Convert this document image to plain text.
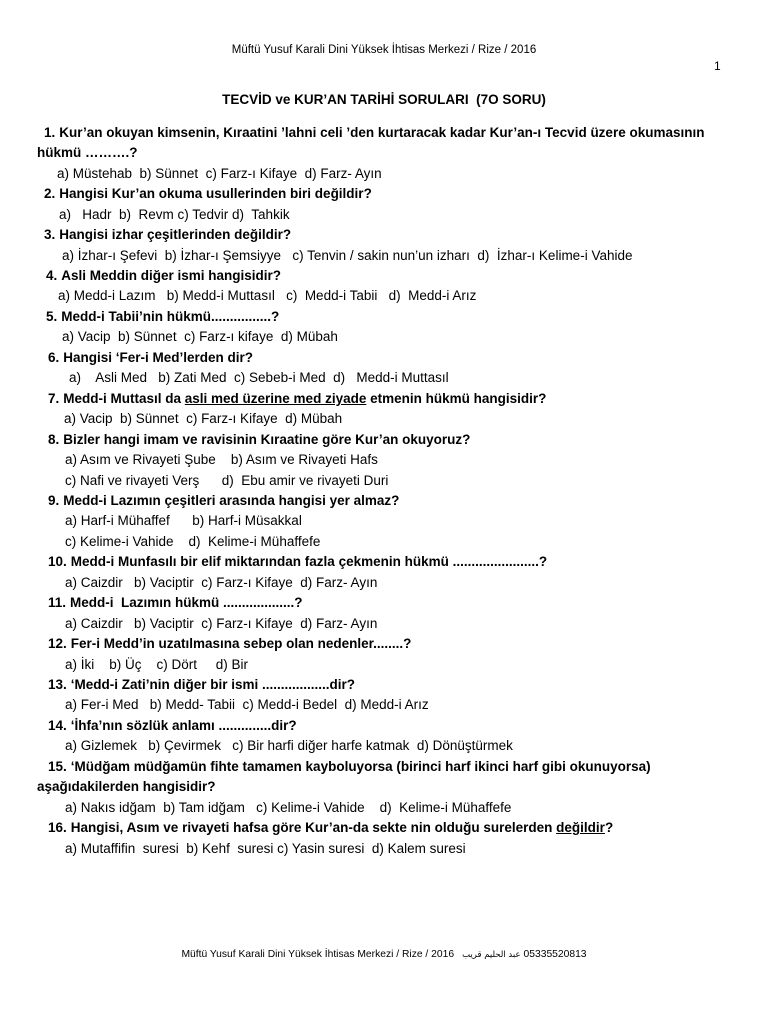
Müftü Yusuf Karali Dini Yüksek İhtisas Merkezi / Rize / 2016
1
TECVİD ve KUR’AN TARİHİ SORULARI  (7O SORU)
1. Kur’an okuyan kimsenin, Kıraatini ’lahni celi ’den kurtaracak kadar Kur’an-ı Tecvid üzere okumasının
hükmü ……….?
a) Müstehab  b) Sünnet  c) Farz-ı Kifaye  d) Farz- Ayın
2. Hangisi Kur’an okuma usullerinden biri değildir?
a)   Hadr  b)  Revm c) Tedvir d)  Tahkik
3. Hangisi izhar çeşitlerinden değildir?
a) İzhar-ı Şefevi  b) İzhar-ı Şemsiyye   c) Tenvin / sakin nun’un izharı  d)  İzhar-ı Kelime-i Vahide
4. Asli Meddin diğer ismi hangisidir?
a) Medd-i Lazım   b) Medd-i Muttasıl   c)  Medd-i Tabii   d)  Medd-i Arız
5. Medd-i Tabii’nin hükmü................?
a) Vacip  b) Sünnet  c) Farz-ı kifaye  d) Mübah
6. Hangisi ‘Fer-i Med’lerden dir?
a)    Asli Med   b) Zati Med  c) Sebeb-i Med  d)   Medd-i Muttasıl
7. Medd-i Muttasıl da asli med üzerine med ziyade etmenin hükmü hangisidir?
a) Vacip  b) Sünnet  c) Farz-ı Kifaye  d) Mübah
8. Bizler hangi imam ve ravisinin Kıraatine göre Kur’an okuyoruz?
a) Asım ve Rivayeti Şube    b) Asım ve Rivayeti Hafs
c) Nafi ve rivayeti Verş      d)  Ebu amir ve rivayeti Duri
9. Medd-i Lazımın çeşitleri arasında hangisi yer almaz?
a) Harf-i Mühaffef      b) Harf-i Müsakkal
c) Kelime-i Vahide    d)  Kelime-i Mühaffefe
10. Medd-i Munfasılı bir elif miktarından fazla çekmenin hükmü .......................?
a) Caizdir   b) Vaciptir  c) Farz-ı Kifaye  d) Farz- Ayın
11. Medd-i  Lazımın hükmü ...................?
a) Caizdir   b) Vaciptir  c) Farz-ı Kifaye  d) Farz- Ayın
12. Fer-i Medd’in uzatılmasına sebep olan nedenler........?
a) İki    b) Üç    c) Dört     d) Bir
13. ‘Medd-i Zati’nin diğer bir ismi ..................dir?
a) Fer-i Med   b) Medd- Tabii  c) Medd-i Bedel  d) Medd-i Arız
14. ‘İhfa’nın sözlük anlamı ..............dir?
a) Gizlemek   b) Çevirmek   c) Bir harfi diğer harfe katmak  d) Dönüştürmek
15. ‘Müdğam müdğamün fihte tamamen kayboluyorsa (birinci harf ikinci harf gibi okunuyorsa)
aşağıdakilerden hangisidir?
a) Nakıs idğam  b) Tam idğam   c) Kelime-i Vahide    d)  Kelime-i Mühaffefe
16. Hangisi, Asım ve rivayeti hafsa göre Kur’an-da sekte nin olduğu surelerden değildir?
a) Mutaffifin  suresi  b) Kehf  suresi c) Yasin suresi  d) Kalem suresi
Müftü Yusuf Karali Dini Yüksek İhtisas Merkezi / Rize / 2016 عبد الحليم قريب 05335520813
